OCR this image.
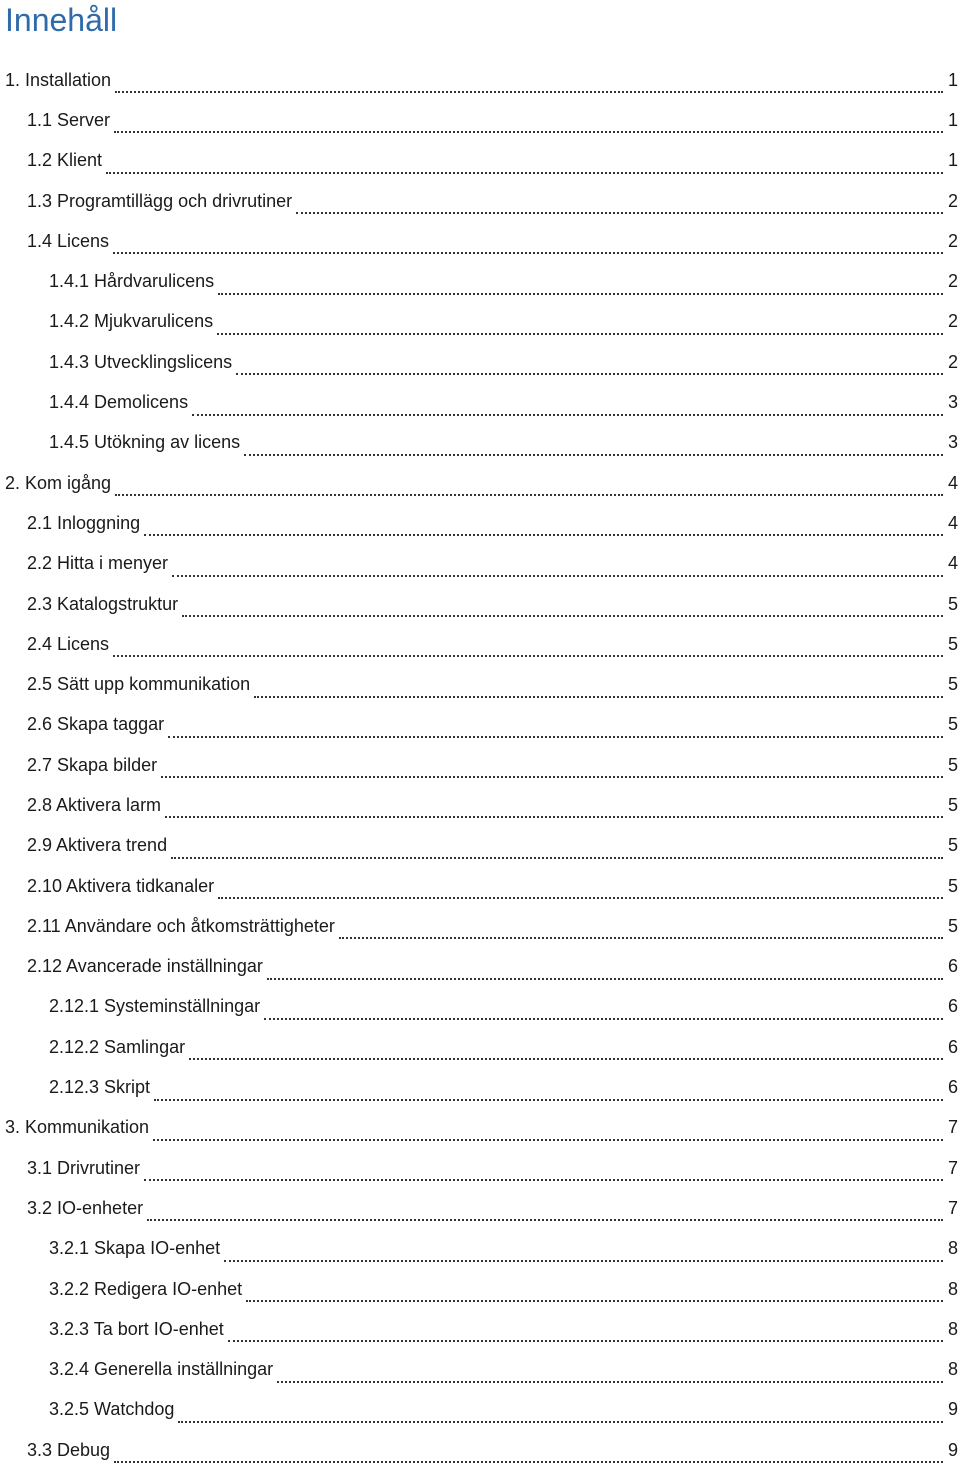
Innehåll
1. Installation	1
1.1 Server	1
1.2 Klient	1
1.3 Programtillägg och drivrutiner	2
1.4 Licens	2
1.4.1 Hårdvarulicens	2
1.4.2 Mjukvarulicens	2
1.4.3 Utvecklingslicens	2
1.4.4 Demolicens	3
1.4.5 Utökning av licens	3
2. Kom igång	4
2.1 Inloggning	4
2.2 Hitta i menyer	4
2.3 Katalogstruktur	5
2.4 Licens	5
2.5 Sätt upp kommunikation	5
2.6 Skapa taggar	5
2.7 Skapa bilder	5
2.8 Aktivera larm	5
2.9 Aktivera trend	5
2.10 Aktivera tidkanaler	5
2.11 Användare och åtkomsträttigheter	5
2.12 Avancerade inställningar	6
2.12.1 Systeminställningar	6
2.12.2 Samlingar	6
2.12.3 Skript	6
3. Kommunikation	7
3.1 Drivrutiner	7
3.2 IO-enheter	7
3.2.1 Skapa IO-enhet	8
3.2.2 Redigera IO-enhet	8
3.2.3 Ta bort IO-enhet	8
3.2.4 Generella inställningar	8
3.2.5 Watchdog	9
3.3 Debug	9
